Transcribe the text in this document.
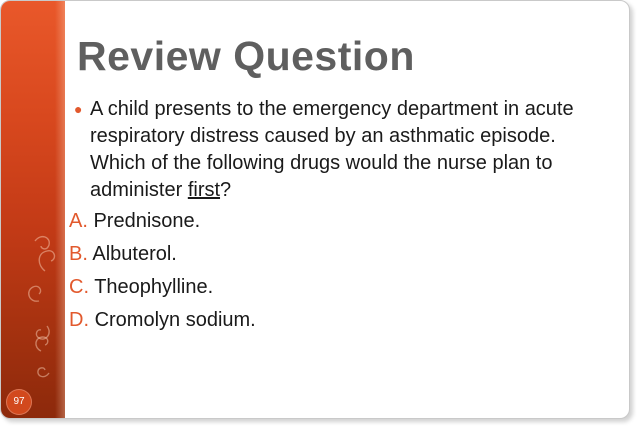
Review Question

● A child presents to the emergency department in acute respiratory distress caused by an asthmatic episode. Which of the following drugs would the nurse plan to administer first?

A. Prednisone.
B. Albuterol.
C. Theophylline.
D. Cromolyn sodium.
97
